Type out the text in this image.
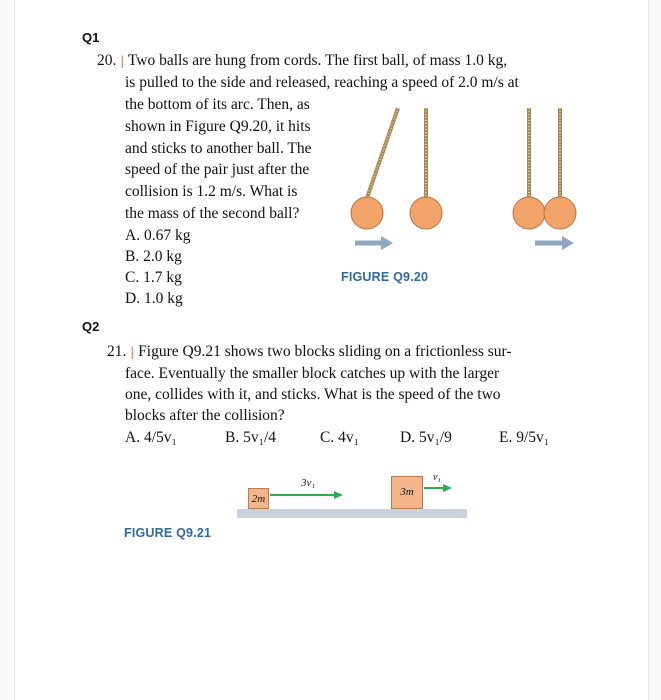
Q1
20. | Two balls are hung from cords. The first ball, of mass 1.0 kg,
is pulled to the side and released, reaching a speed of 2.0 m/s at
the bottom of its arc. Then, as
shown in Figure Q9.20, it hits
and sticks to another ball. The
speed of the pair just after the
collision is 1.2 m/s. What is
the mass of the second ball?
A. 0.67 kg
B. 2.0 kg
C. 1.7 kg
D. 1.0 kg
FIGURE Q9.20
Q2
21. | Figure Q9.21 shows two blocks sliding on a frictionless sur-
face. Eventually the smaller block catches up with the larger
one, collides with it, and sticks. What is the speed of the two
blocks after the collision?
A. 4/5v₁	B. 5v₁/4	C. 4v₁	D. 5v₁/9	E. 9/5v₁
2m
3m
3v₁	v₁
FIGURE Q9.21
